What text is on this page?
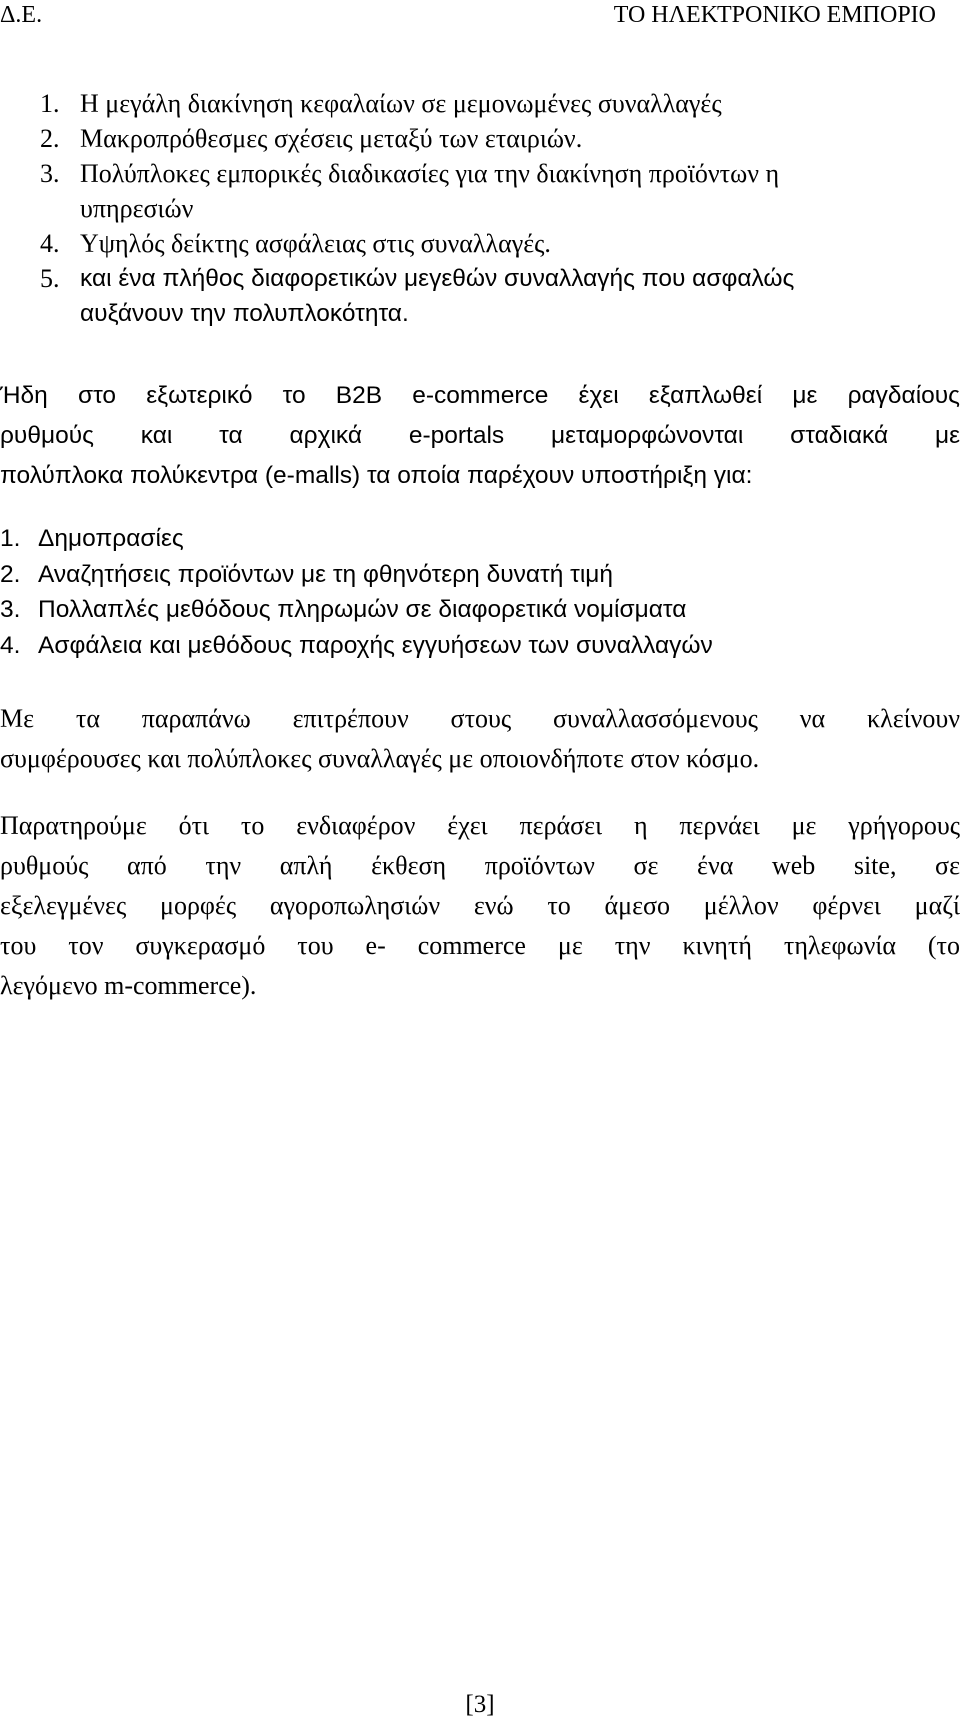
Δ.Ε.	ΤΟ ΗΛΕΚΤΡΟΝΙΚΟ ΕΜΠΟΡΙΟ
1. Η μεγάλη διακίνηση κεφαλαίων σε μεμονωμένες συναλλαγές
2. Μακροπρόθεσμες σχέσεις μεταξύ των εταιριών.
3. Πολύπλοκες εμπορικές διαδικασίες για την διακίνηση προϊόντων η
υπηρεσιών
4. Υψηλός δείκτης ασφάλειας στις συναλλαγές.
5. και ένα πλήθος διαφορετικών μεγεθών συναλλαγής που ασφαλώς
αυξάνουν την πολυπλοκότητα.
Ήδη στο εξωτερικό το B2B e-commerce έχει εξαπλωθεί με ραγδαίους
ρυθμούς και τα αρχικά e-portals μεταμορφώνονται σταδιακά με
πολύπλοκα πολύκεντρα (e-malls) τα οποία παρέχουν υποστήριξη για:
1. Δημοπρασίες
2. Αναζητήσεις προϊόντων με τη φθηνότερη δυνατή τιμή
3. Πολλαπλές μεθόδους πληρωμών σε διαφορετικά νομίσματα
4. Ασφάλεια και μεθόδους παροχής εγγυήσεων των συναλλαγών
Με τα παραπάνω επιτρέπουν στους συναλλασσόμενους να κλείνουν
συμφέρουσες και πολύπλοκες συναλλαγές με οποιονδήποτε στον κόσμο.
Παρατηρούμε ότι το ενδιαφέρον έχει περάσει η περνάει με γρήγορους
ρυθμούς από την απλή έκθεση προϊόντων σε ένα web site, σε
εξελεγμένες μορφές αγοροπωλησιών ενώ το άμεσο μέλλον φέρνει μαζί
του τον συγκερασμό του e- commerce με την κινητή τηλεφωνία (το
λεγόμενο m-commerce).
[3]
